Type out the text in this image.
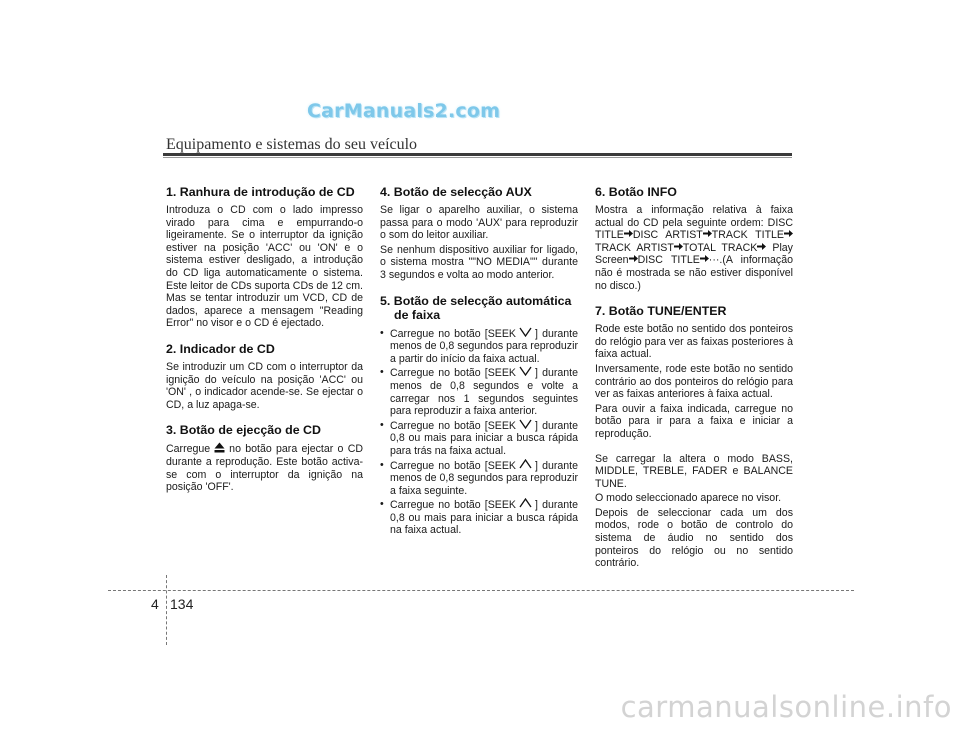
CarManuals2.com
Equipamento e sistemas do seu veículo
1. Ranhura de introdução de CD

Introduza o CD com o lado impresso virado para cima e empurrando-o ligeiramente. Se o interruptor da ignição estiver na posição 'ACC' ou 'ON' e o sistema estiver desligado, a introdução do CD liga automaticamente o sistema. Este leitor de CDs suporta CDs de 12 cm. Mas se tentar introduzir um VCD, CD de dados, aparece a mensagem "Reading Error" no visor e o CD é ejectado.

2. Indicador de CD

Se introduzir um CD com o interruptor da ignição do veículo na posição 'ACC' ou 'ON' , o indicador acende-se. Se ejectar o CD, a luz apaga-se.

3. Botão de ejecção de CD

Carregue no botão para ejectar o CD durante a reprodução. Este botão activa-se com o interruptor da ignição na posição 'OFF'.

4. Botão de selecção AUX

Se ligar o aparelho auxiliar, o sistema passa para o modo 'AUX' para reproduzir o som do leitor auxiliar.

Se nenhum dispositivo auxiliar for ligado, o sistema mostra ""NO MEDIA"" durante 3 segundos e volta ao modo anterior.

5. Botão de selecção automática
de faixa
• Carregue no botão [SEEK ] durante menos de 0,8 segundos para reproduzir a partir do início da faixa actual.
• Carregue no botão [SEEK ] durante menos de 0,8 segundos e volte a carregar nos 1 segundos seguintes para reproduzir a faixa anterior.
• Carregue no botão [SEEK ] durante 0,8 ou mais para iniciar a busca rápida para trás na faixa actual.
• Carregue no botão [SEEK ] durante menos de 0,8 segundos para reproduzir a faixa seguinte.
• Carregue no botão [SEEK ] durante 0,8 ou mais para iniciar a busca rápida na faixa actual.
6. Botão INFO

Mostra a informação relativa à faixa actual do CD pela seguinte ordem: DISC TITLE DISC ARTIST TRACK TITLE TRACK ARTIST TOTAL TRACK Play Screen DISC TITLE ···.(A informação não é mostrada se não estiver disponível no disco.)

7. Botão TUNE/ENTER

Rode este botão no sentido dos ponteiros do relógio para ver as faixas posteriores à faixa actual.

Inversamente, rode este botão no sentido contrário ao dos ponteiros do relógio para ver as faixas anteriores à faixa actual.

Para ouvir a faixa indicada, carregue no botão para ir para a faixa e iniciar a reprodução.

Se carregar la altera o modo BASS, MIDDLE, TREBLE, FADER e BALANCE TUNE.

O modo seleccionado aparece no visor.

Depois de seleccionar cada um dos modos, rode o botão de controlo do sistema de áudio no sentido dos ponteiros do relógio ou no sentido contrário.

4 134
carmanualsonline.info
